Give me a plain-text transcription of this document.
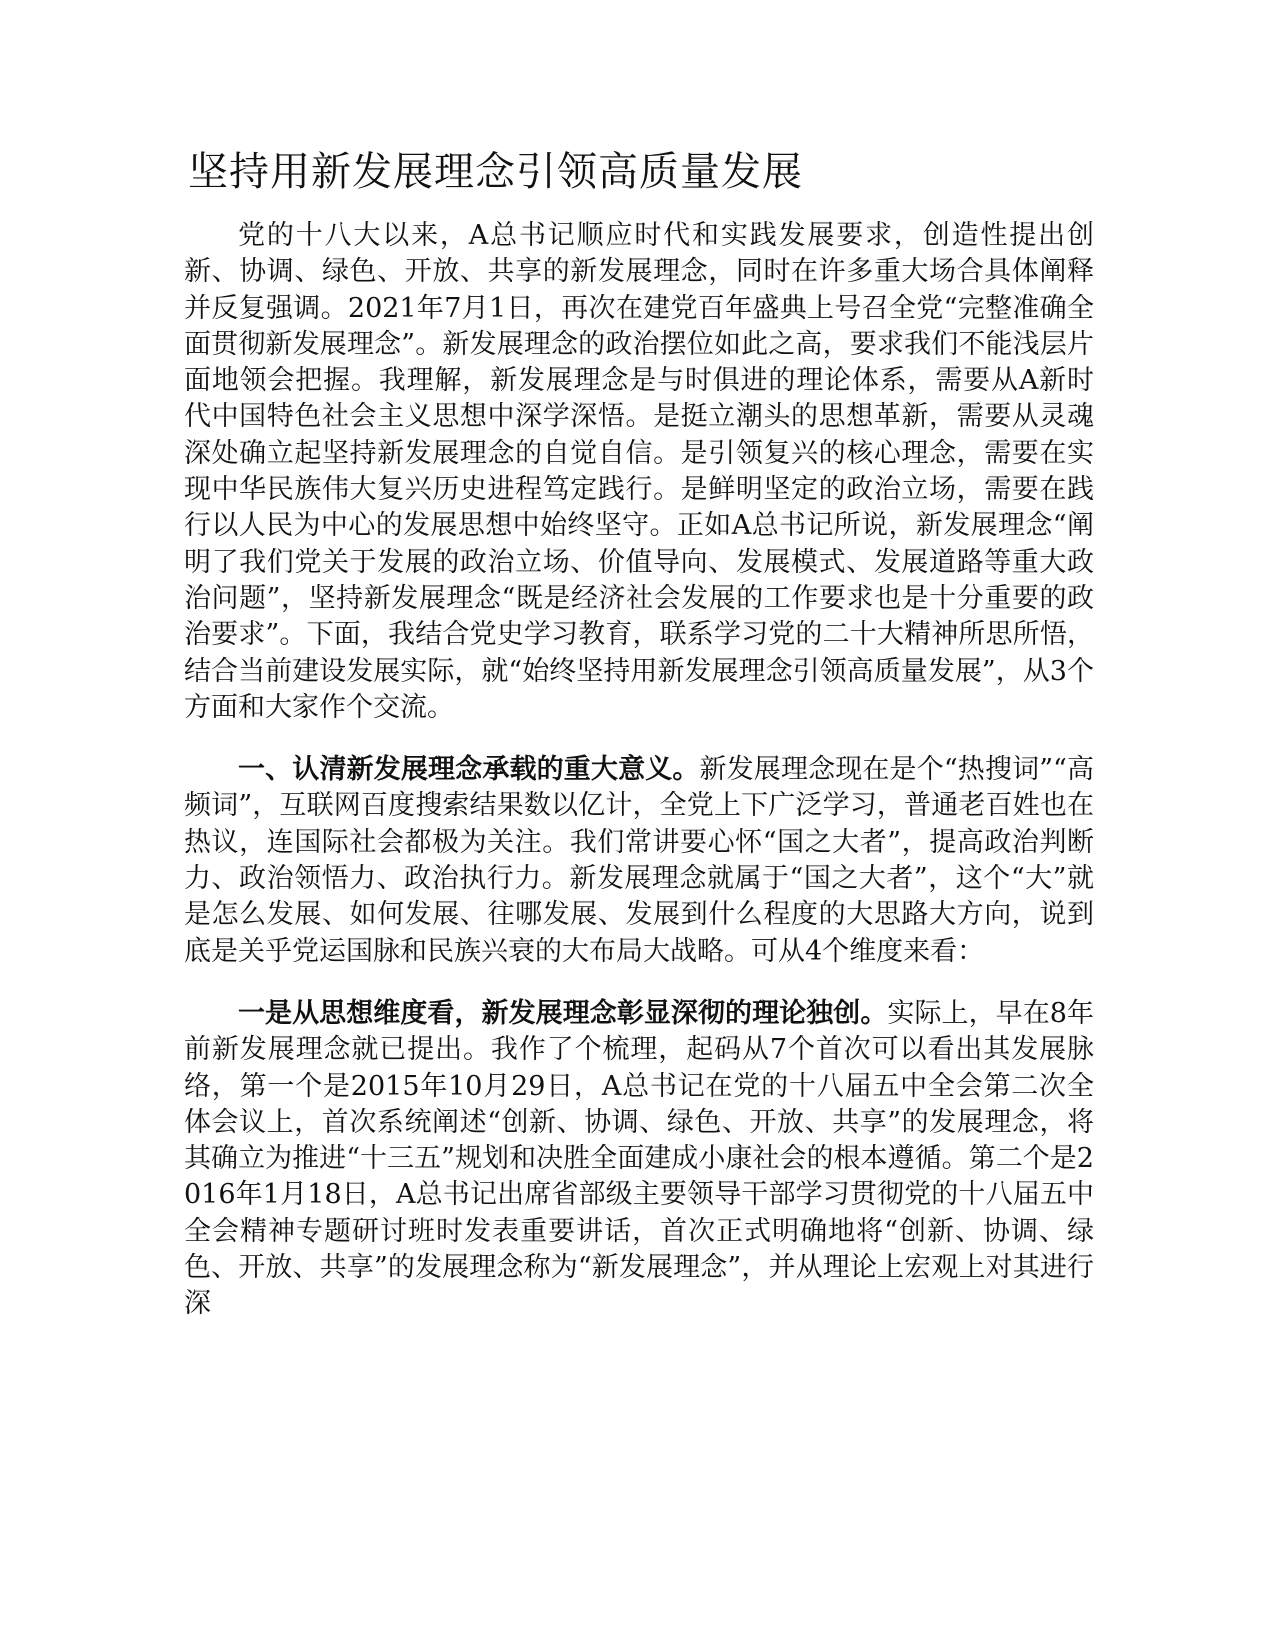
坚持用新发展理念引领高质量发展

党的十八大以来，A总书记顺应时代和实践发展要求，创造性提出创新、协调、绿色、开放、共享的新发展理念，同时在许多重大场合具体阐释并反复强调。2021年7月1日，再次在建党百年盛典上号召全党“完整准确全面贯彻新发展理念”。新发展理念的政治摆位如此之高，要求我们不能浅层片面地领会把握。我理解，新发展理念是与时俱进的理论体系，需要从A新时代中国特色社会主义思想中深学深悟。是挺立潮头的思想革新，需要从灵魂深处确立起坚持新发展理念的自觉自信。是引领复兴的核心理念，需要在实现中华民族伟大复兴历史进程笃定践行。是鲜明坚定的政治立场，需要在践行以人民为中心的发展思想中始终坚守。正如A总书记所说，新发展理念“阐明了我们党关于发展的政治立场、价值导向、发展模式、发展道路等重大政治问题”，坚持新发展理念“既是经济社会发展的工作要求也是十分重要的政治要求”。下面，我结合党史学习教育，联系学习党的二十大精神所思所悟，结合当前建设发展实际，就“始终坚持用新发展理念引领高质量发展”，从3个方面和大家作个交流。

一、认清新发展理念承载的重大意义。新发展理念现在是个“热搜词”“高频词”，互联网百度搜索结果数以亿计，全党上下广泛学习，普通老百姓也在热议，连国际社会都极为关注。我们常讲要心怀“国之大者”，提高政治判断力、政治领悟力、政治执行力。新发展理念就属于“国之大者”，这个“大”就是怎么发展、如何发展、往哪发展、发展到什么程度的大思路大方向，说到底是关乎党运国脉和民族兴衰的大布局大战略。可从4个维度来看：

一是从思想维度看，新发展理念彰显深彻的理论独创。实际上，早在8年前新发展理念就已提出。我作了个梳理，起码从7个首次可以看出其发展脉络，第一个是2015年10月29日，A总书记在党的十八届五中全会第二次全体会议上，首次系统阐述“创新、协调、绿色、开放、共享”的发展理念，将其确立为推进“十三五”规划和决胜全面建成小康社会的根本遵循。第二个是2016年1月18日，A总书记出席省部级主要领导干部学习贯彻党的十八届五中全会精神专题研讨班时发表重要讲话，首次正式明确地将“创新、协调、绿色、开放、共享”的发展理念称为“新发展理念”，并从理论上宏观上对其进行深
